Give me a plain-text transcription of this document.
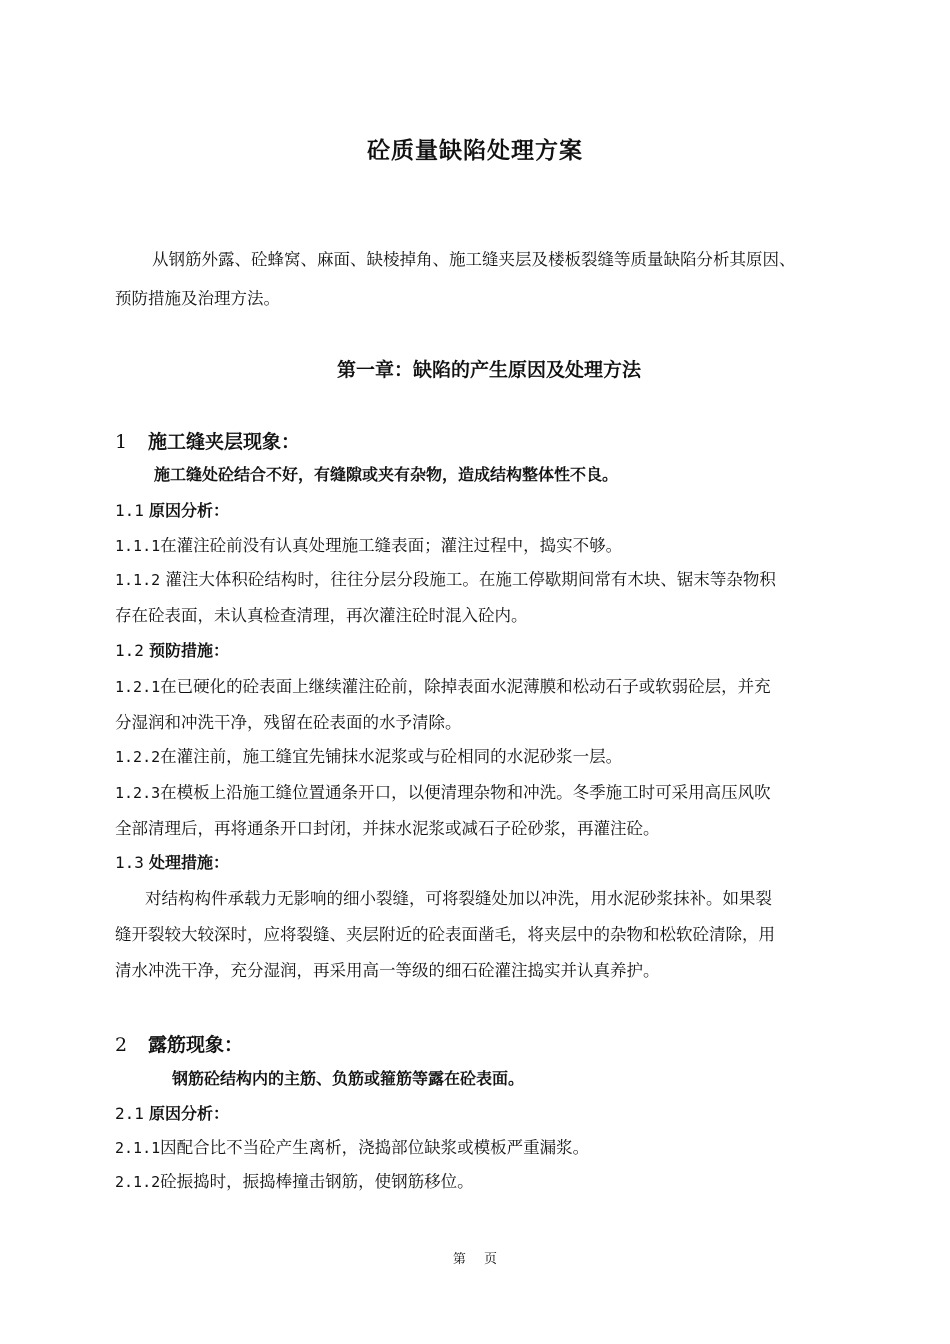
砼质量缺陷处理方案
从钢筋外露、砼蜂窝、麻面、缺棱掉角、施工缝夹层及楼板裂缝等质量缺陷分析其原因、
预防措施及治理方法。
第一章：缺陷的产生原因及处理方法
1 施工缝夹层现象：
施工缝处砼结合不好，有缝隙或夹有杂物，造成结构整体性不良。
1.1 原因分析：
1.1.1在灌注砼前没有认真处理施工缝表面；灌注过程中，捣实不够。
1.1.2 灌注大体积砼结构时，往往分层分段施工。在施工停歇期间常有木块、锯末等杂物积
存在砼表面，未认真检查清理，再次灌注砼时混入砼内。
1.2 预防措施：
1.2.1在已硬化的砼表面上继续灌注砼前，除掉表面水泥薄膜和松动石子或软弱砼层，并充
分湿润和冲洗干净，残留在砼表面的水予清除。
1.2.2在灌注前，施工缝宜先铺抹水泥浆或与砼相同的水泥砂浆一层。
1.2.3在模板上沿施工缝位置通条开口，以便清理杂物和冲洗。冬季施工时可采用高压风吹
全部清理后，再将通条开口封闭，并抹水泥浆或减石子砼砂浆，再灌注砼。
1.3 处理措施：
对结构构件承载力无影响的细小裂缝，可将裂缝处加以冲洗，用水泥砂浆抹补。如果裂
缝开裂较大较深时，应将裂缝、夹层附近的砼表面凿毛，将夹层中的杂物和松软砼清除，用
清水冲洗干净，充分湿润，再采用高一等级的细石砼灌注捣实并认真养护。
2 露筋现象：
钢筋砼结构内的主筋、负筋或箍筋等露在砼表面。
2.1 原因分析：
2.1.1因配合比不当砼产生离析，浇捣部位缺浆或模板严重漏浆。
2.1.2砼振捣时，振捣棒撞击钢筋，使钢筋移位。
第 页
